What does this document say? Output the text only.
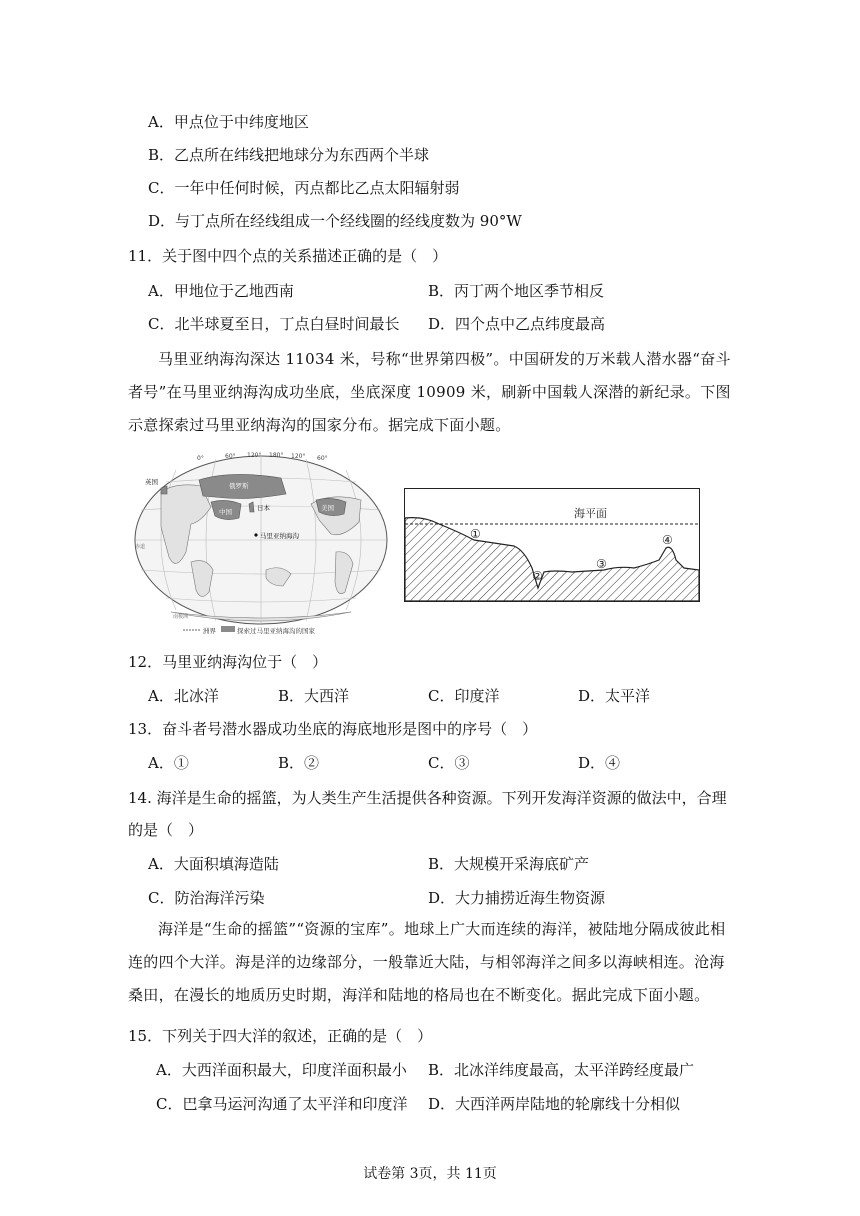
A．甲点位于中纬度地区
B．乙点所在纬线把地球分为东西两个半球
C．一年中任何时候，丙点都比乙点太阳辐射弱
D．与丁点所在经线组成一个经线圈的经线度数为 90°W
11．关于图中四个点的关系描述正确的是（　）
A．甲地位于乙地西南	B．丙丁两个地区季节相反
C．北半球夏至日，丁点白昼时间最长 D．四个点中乙点纬度最高
马里亚纳海沟深达 11034 米，号称“世界第四极”。中国研发的万米载人潜水器“奋斗者号”在马里亚纳海沟成功坐底，坐底深度 10909 米，刷新中国载人深潜的新纪录。下图示意探索过马里亚纳海沟的国家分布。据完成下面小题。
0°	60° 120° 180° 120° 60°
俄罗斯
英国
中国	日本	美国
赤道
南极洲
马里亚纳海沟
洲界	探索过马里亚纳海沟的国家
海平面
①
②
③
④
12．马里亚纳海沟位于（　）
A．北冰洋	B．大西洋	C．印度洋	D．太平洋
13．奋斗者号潜水器成功坐底的海底地形是图中的序号（　）
A．①	B．②	C．③	D．④
14. 海洋是生命的摇篮，为人类生产生活提供各种资源。下列开发海洋资源的做法中，合理
的是（　）
A．大面积填海造陆	B．大规模开采海底矿产
C．防治海洋污染	D．大力捕捞近海生物资源
海洋是“生命的摇篮”“资源的宝库”。地球上广大而连续的海洋，被陆地分隔成彼此相连的四个大洋。海是洋的边缘部分，一般靠近大陆，与相邻海洋之间多以海峡相连。沧海桑田，在漫长的地质历史时期，海洋和陆地的格局也在不断变化。据此完成下面小题。
15．下列关于四大洋的叙述，正确的是（　）
A．大西洋面积最大，印度洋面积最小 B．北冰洋纬度最高，太平洋跨经度最广
C．巴拿马运河沟通了太平洋和印度洋 D．大西洋两岸陆地的轮廓线十分相似
试卷第 3页，共 11页
